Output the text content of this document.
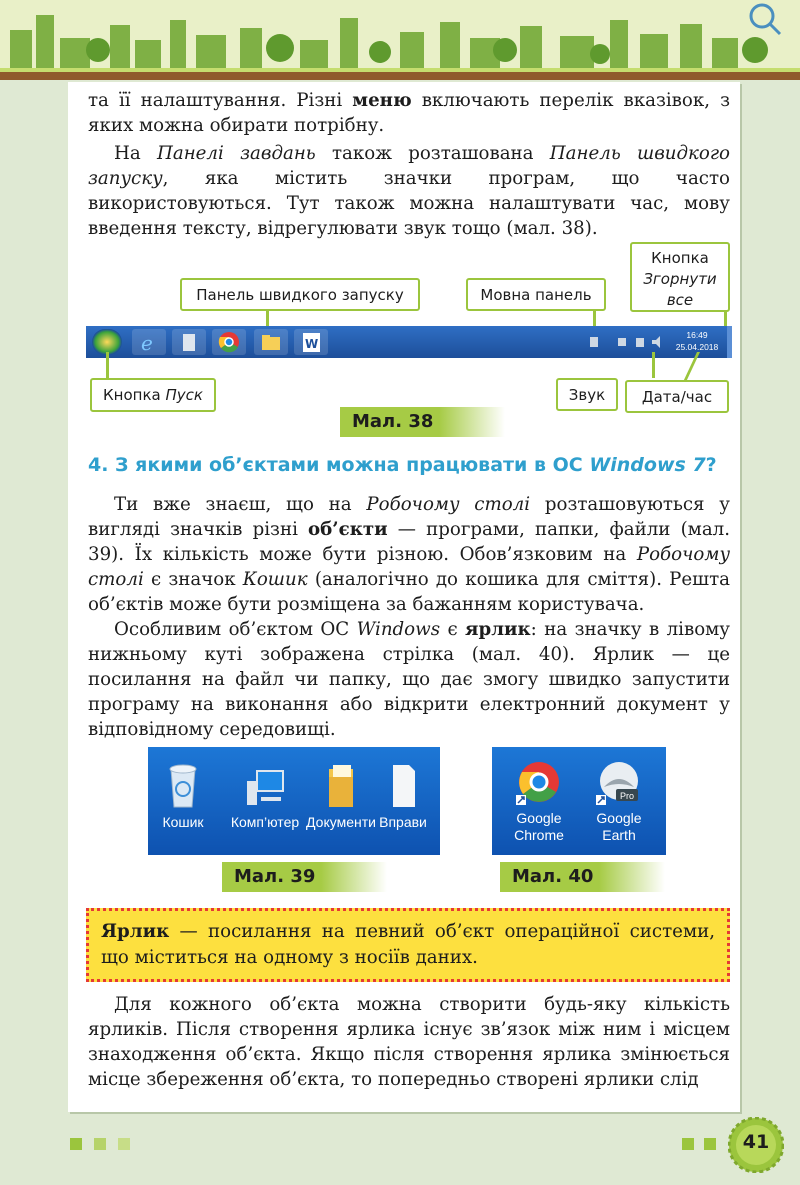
та її налаштування. Різні меню включають перелік вказівок, з яких можна обирати потрібну.

На Панелі завдань також розташована Панель швидкого запуску, яка містить значки програм, що часто використовуються. Тут також можна налаштувати час, мову введення тексту, відрегулювати звук тощо (мал. 38).

Панель швидкого запуску	Мовна панель
Кнопка
Згорнути все
e	W
16:49
25.04.2018
Кнопка Пуск	Звук	Дата/час
Мал. 38
4. З якими об’єктами можна працювати в ОС Windows 7?

Ти вже знаєш, що на Робочому столі розташовуються у вигляді значків різні об’єкти — програми, папки, файли (мал. 39). Їх кількість може бути різною. Обов’язковим на Робочому столі є значок Кошик (аналогічно до кошика для сміття). Решта об’єктів може бути розміщена за бажанням користувача.

Особливим об’єктом ОС Windows є ярлик: на значку в лівому нижньому куті зображена стрілка (мал. 40). Ярлик — це посилання на файл чи папку, що дає змогу швидко запустити програму на виконання або відкрити електронний документ у відповідному середовищі.

Кошик	Комп’ютер Документи Вправи	Google
Chrome
Pro
Google
Earth
Мал. 39	Мал. 40
Ярлик — посилання на певний об’єкт операційної системи, що міститься на одному з носіїв даних.

Для кожного об’єкта можна створити будь-яку кількість ярликів. Після створення ярлика існує зв’язок між ним і місцем знаходження об’єкта. Якщо після створення ярлика змінюється місце збереження об’єкта, то попередньо створені ярлики слід

41
